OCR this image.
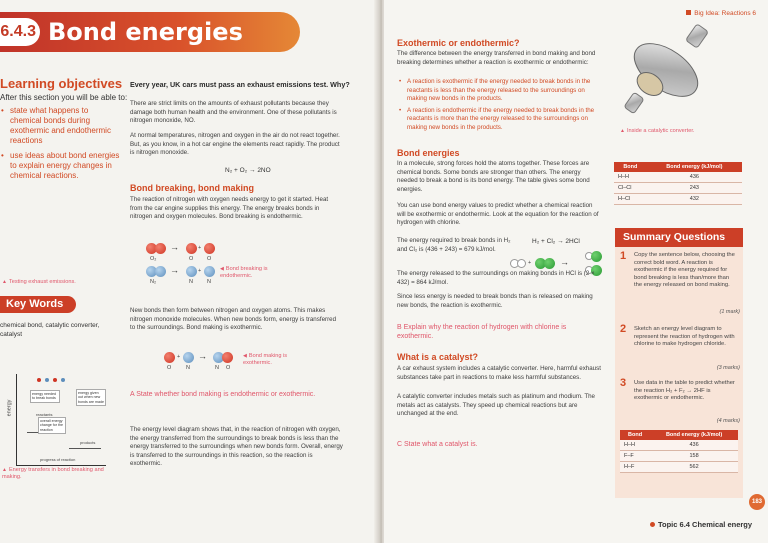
6.4.3 Bond energies
Learning objectives
After this section you will be able to:
• state what happens to chemical bonds during exothermic and endothermic reactions
• use ideas about bond energies to explain energy changes in chemical reactions.
Every year, UK cars must pass an exhaust emissions test. Why?
There are strict limits on the amounts of exhaust pollutants because they damage both human health and the environment. One of these pollutants is nitrogen monoxide, NO.
At normal temperatures, nitrogen and oxygen in the air do not react together. But, as you know, in a hot car engine the elements react rapidly. The product is nitrogen monoxide.
N₂ + O₂ → 2NO
Bond breaking, bond making
The reaction of nitrogen with oxygen needs energy to get it started. Heat from the car engine supplies this energy. The energy breaks bonds in nitrogen and oxygen molecules. Bond breaking is endothermic.
→	+
O₂	O O
→	+
N₂	N	N
◀ Bond breaking is endothermic.
▲ Testing exhaust emissions.
Key Words
chemical bond, catalytic converter, catalyst
New bonds then form between nitrogen and oxygen atoms. This makes nitrogen monoxide molecules. When new bonds form, energy is transferred to the surroundings. Bond making is exothermic.
+ →
O	N	N O
◀ Bond making is exothermic.
A State whether bond making is endothermic or exothermic.
The energy level diagram shows that, in the reaction of nitrogen with oxygen, the energy transferred from the surroundings to break bonds is less than the energy transferred to the surroundings when new bonds form. Overall, energy is transferred to the surroundings in this reaction, so the reaction is exothermic.
energy
energy needed to break bonds
energy given out when new bonds are made
overall energy change for the reaction
reactants
products
progress of reaction
▲ Energy transfers in bond breaking and making.
Big Idea: Reactions 6
Exothermic or endothermic?
The difference between the energy transferred in bond making and bond breaking determines whether a reaction is exothermic or endothermic:
• A reaction is exothermic if the energy needed to break bonds in the reactants is less than the energy released to the surroundings on making new bonds in the products.
• A reaction is endothermic if the energy needed to break bonds in the reactants is more than the energy released to the surroundings on making new bonds in the products.
Bond energies
In a molecule, strong forces hold the atoms together. These forces are chemical bonds. Some bonds are stronger than others. The energy needed to break a bond is its bond energy. The table gives some bond energies.
You can use bond energy values to predict whether a chemical reaction will be exothermic or endothermic. Look at the equation for the reaction of hydrogen with chlorine.
The energy required to break bonds in H₂ and Cl₂ is (436 + 243) = 679 kJ/mol.
H₂ + Cl₂ → 2HCl
+	→
The energy released to the surroundings on making bonds in HCl is (2 × 432) = 864 kJ/mol.
Since less energy is needed to break bonds than is released on making new bonds, the reaction is exothermic.
B Explain why the reaction of hydrogen with chlorine is exothermic.
What is a catalyst?
A car exhaust system includes a catalytic converter. Here, harmful exhaust substances take part in reactions to make less harmful substances.
A catalytic converter includes metals such as platinum and rhodium. The metals act as catalysts. They speed up chemical reactions but are unchanged at the end.
C State what a catalyst is.
▲ Inside a catalytic converter.
Bond	Bond energy (kJ/mol)
H–H	436
Cl–Cl	243
H–Cl	432
Summary Questions
1 Copy the sentence below, choosing the correct bold word. A reaction is exothermic if the energy required for bond breaking is less than/more than the energy released on bond making.
(1 mark)
2 Sketch an energy level diagram to represent the reaction of hydrogen with chlorine to make hydrogen chloride.
(3 marks)
3 Use data in the table to predict whether the reaction H₂ + F₂ → 2HF is exothermic or endothermic.
(4 marks)
Bond	Bond energy (kJ/mol)
H–H	436
F–F	158
H–F	562
183
Topic 6.4 Chemical energy
